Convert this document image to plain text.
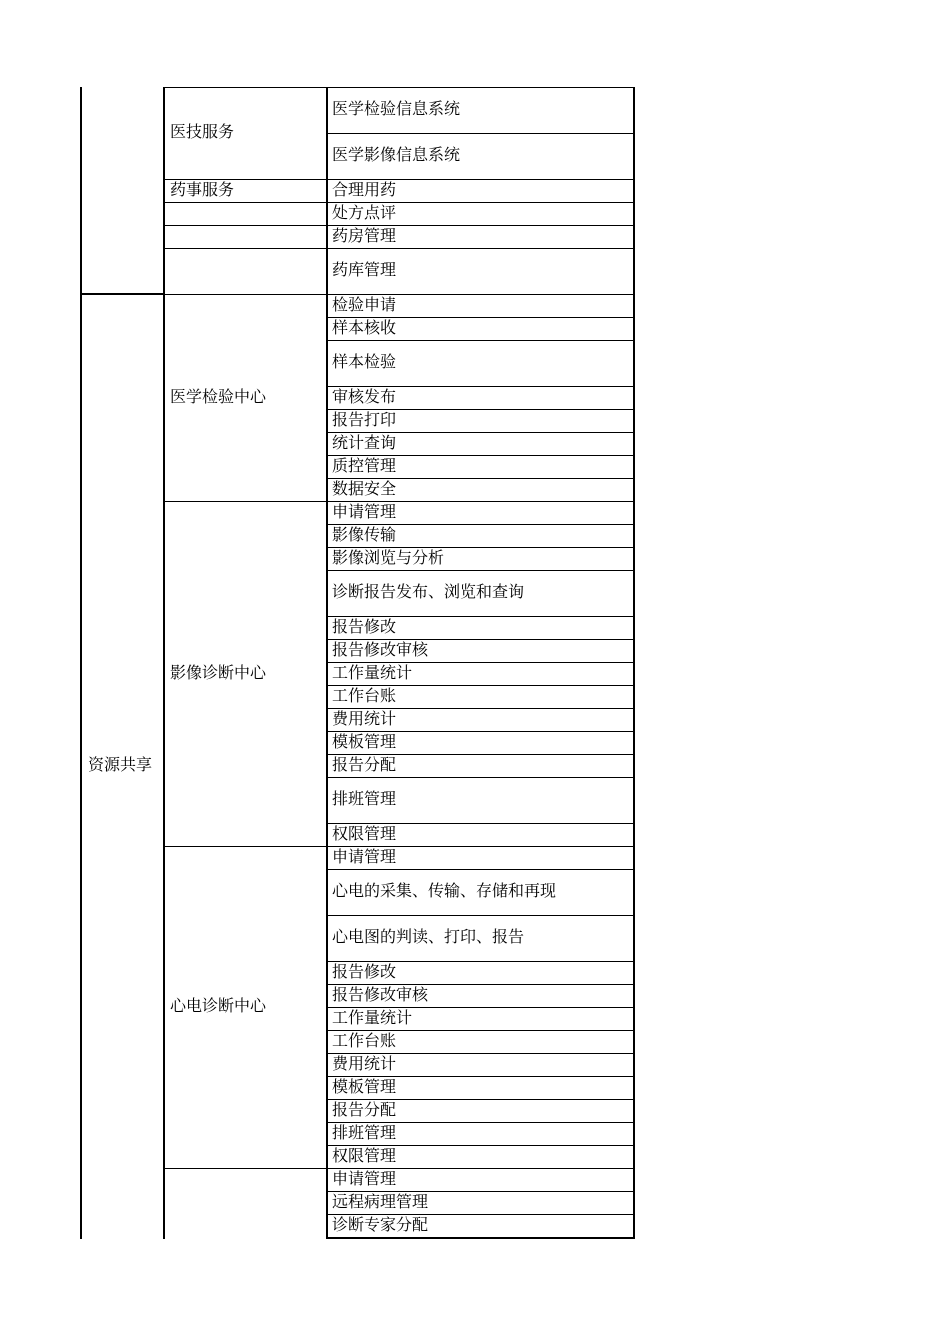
医学检验信息系统
医学影像信息系统
医技服务
合理用药
药事服务
处方点评
药房管理
药库管理
检验申请
样本核收
样本检验
审核发布
报告打印
统计查询
质控管理
数据安全
医学检验中心
申请管理
影像传输
影像浏览与分析
诊断报告发布、浏览和查询
报告修改
报告修改审核
工作量统计
工作台账
费用统计
模板管理
报告分配
排班管理
权限管理
影像诊断中心
申请管理
心电的采集、传输、存储和再现
心电图的判读、打印、报告
报告修改
报告修改审核
工作量统计
工作台账
费用统计
模板管理
报告分配
排班管理
权限管理
心电诊断中心
申请管理
远程病理管理
诊断专家分配
资源共享
